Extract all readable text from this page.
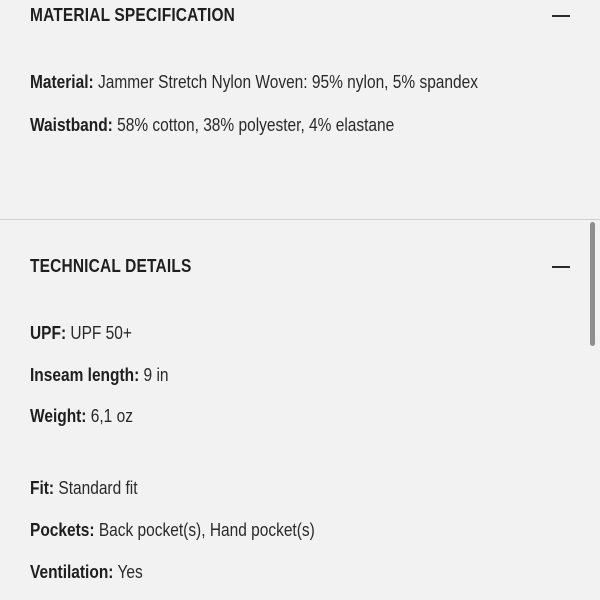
MATERIAL SPECIFICATION
Material: Jammer Stretch Nylon Woven: 95% nylon, 5% spandex
Waistband: 58% cotton, 38% polyester, 4% elastane
TECHNICAL DETAILS
UPF: UPF 50+
Inseam length: 9 in
Weight: 6,1 oz
Fit: Standard fit
Pockets: Back pocket(s), Hand pocket(s)
Ventilation: Yes
